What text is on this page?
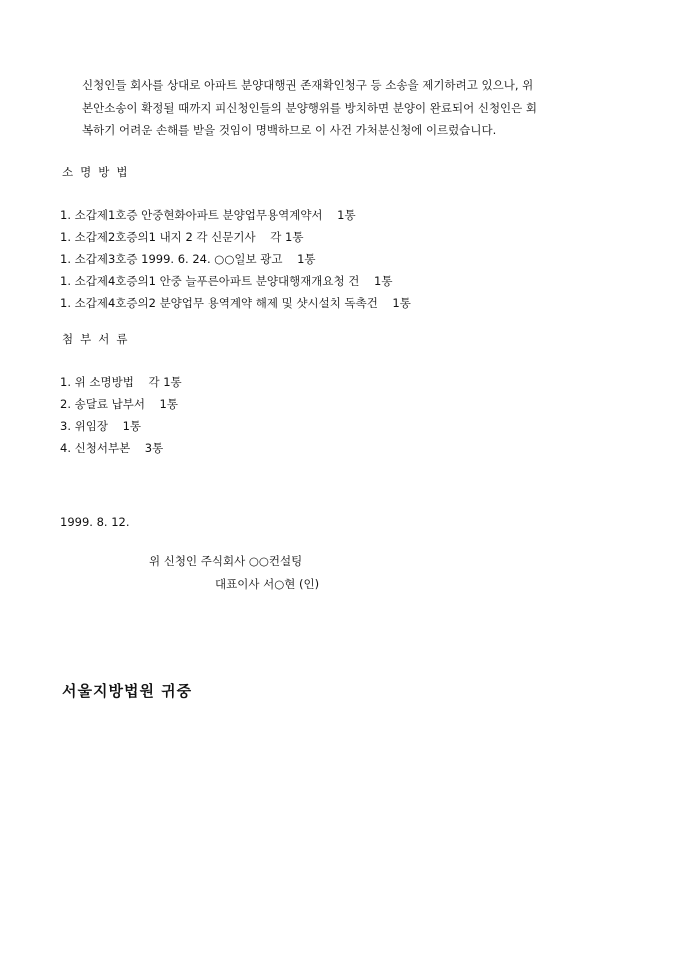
신청인들 회사를 상대로 아파트 분양대행권 존재확인청구 등 소송을 제기하려고 있으나, 위
본안소송이 확정될 때까지 피신청인들의 분양행위를 방치하면 분양이 완료되어 신청인은 회
복하기 어려운 손해를 받을 것임이 명백하므로 이 사건 가처분신청에 이르렀습니다.
소명방법
1. 소갑제1호증 안중현화아파트 분양업무용역계약서    1통
1. 소갑제2호증의1 내지 2 각 신문기사    각 1통
1. 소갑제3호증 1999. 6. 24. ○○일보 광고    1통
1. 소갑제4호증의1 안중 늘푸른아파트 분양대행재개요청 건    1통
1. 소갑제4호증의2 분양업무 용역계약 해제 및 샷시설치 독촉건    1통
첨부서류
1. 위 소명방법    각 1통
2. 송달료 납부서    1통
3. 위임장    1통
4. 신청서부본    3통
1999. 8. 12.
위 신청인 주식회사 ○○컨설팅
대표이사 서○현 (인)
서울지방법원 귀중
